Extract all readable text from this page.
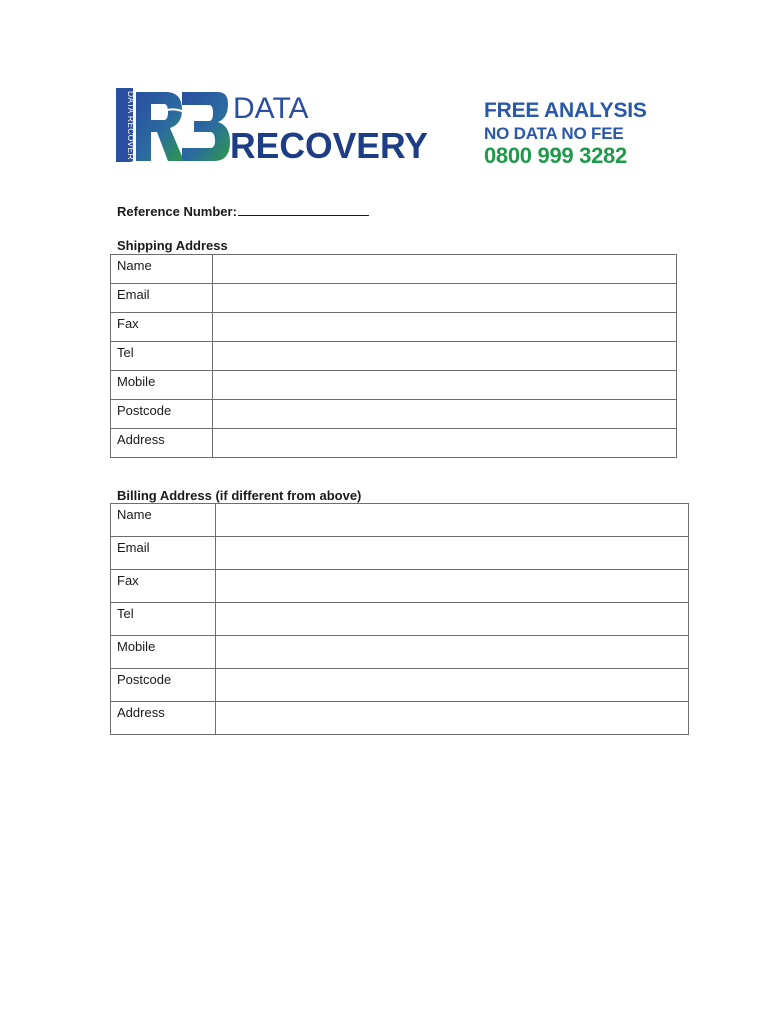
DATA RECOVERY	DATA
RECOVERY
FREE ANALYSIS
NO DATA NO FEE
0800 999 3282
Reference Number:
Shipping Address
Name	
Email	
Fax	
Tel	
Mobile	
Postcode	
Address	
Billing Address (if different from above)
Name	
Email	
Fax	
Tel	
Mobile	
Postcode	
Address	
